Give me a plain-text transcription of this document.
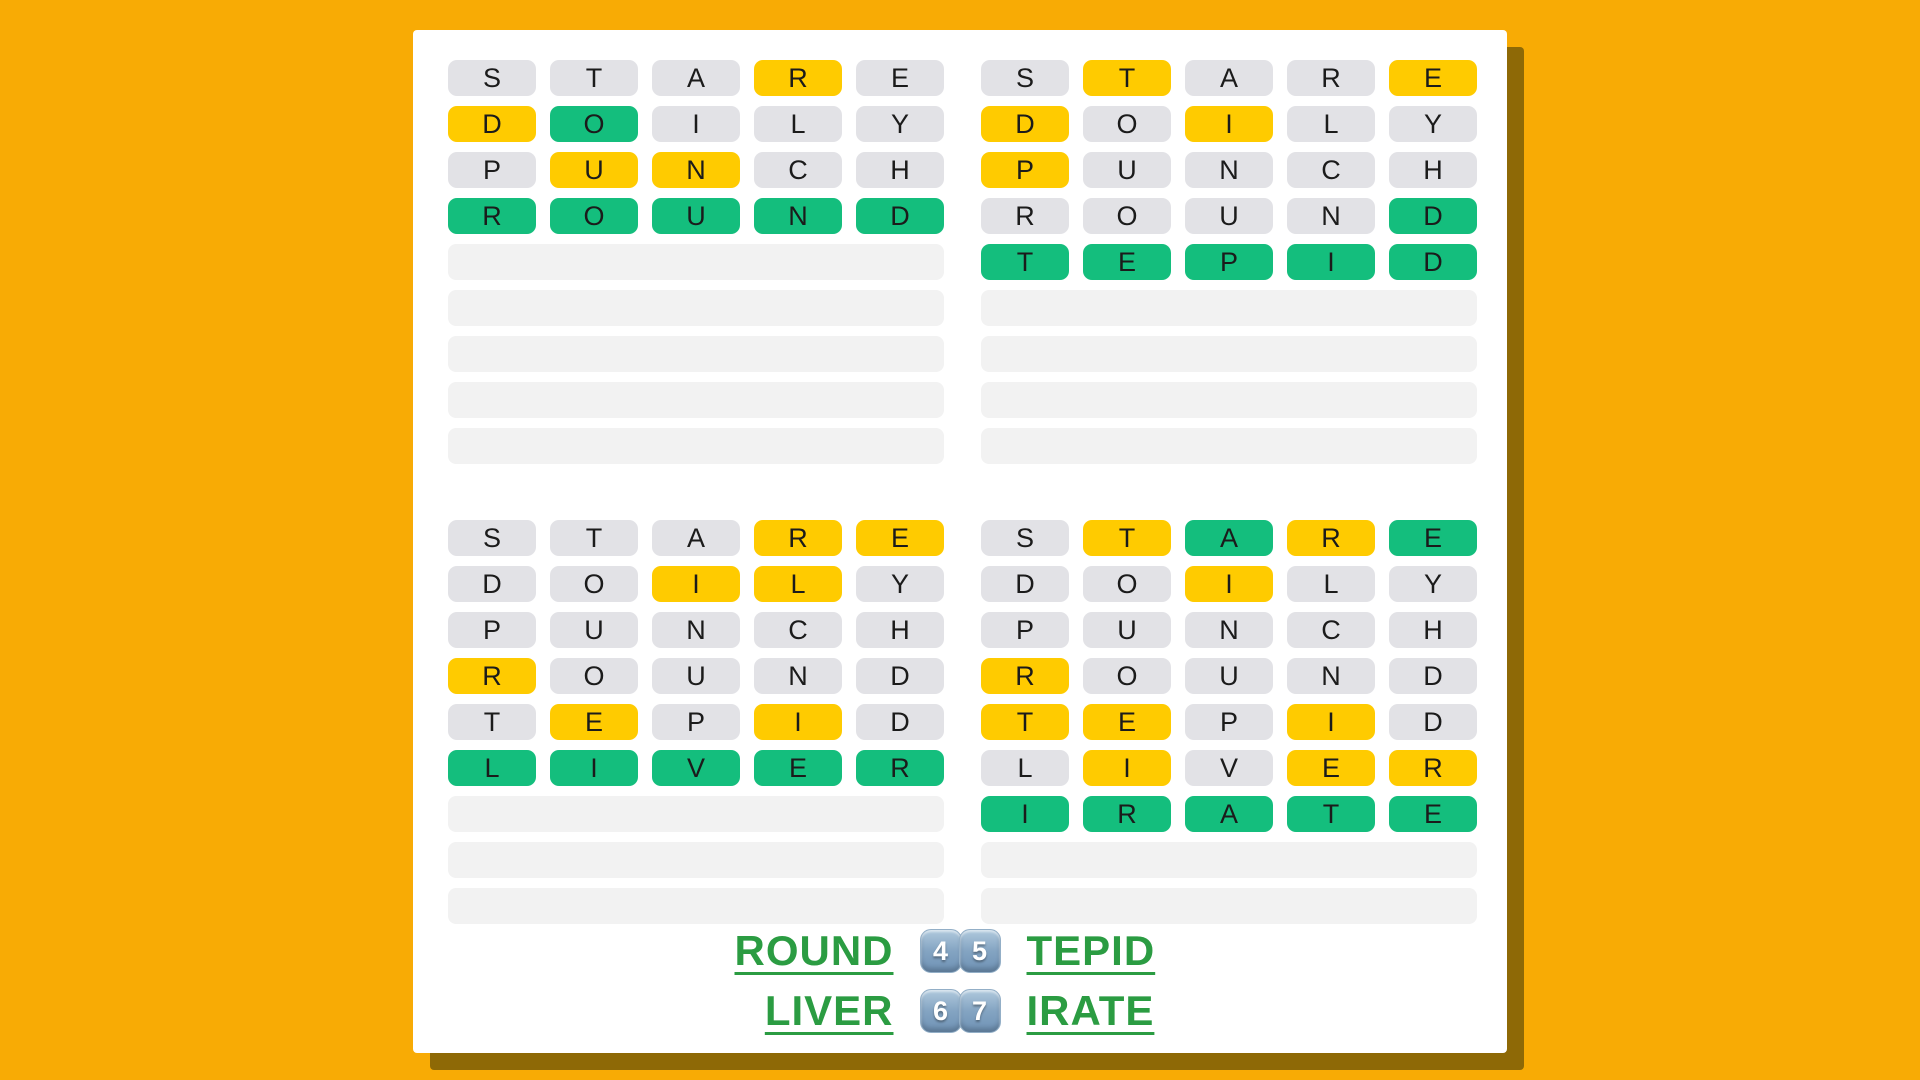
S	T	A	R	E
D	O	I	L	Y
P	U	N	C	H
R	O	U	N	D
S	T	A	R	E
D	O	I	L	Y
P	U	N	C	H
R	O	U	N	D
T	E	P	I	D
S	T	A	R	E
D	O	I	L	Y
P	U	N	C	H
R	O	U	N	D
T	E	P	I	D
L	I	V	E	R
S	T	A	R	E
D	O	I	L	Y
P	U	N	C	H
R	O	U	N	D
T	E	P	I	D
L	I	V	E	R
I	R	A	T	E
ROUND	4 5 TEPID
LIVER	6 7 IRATE
